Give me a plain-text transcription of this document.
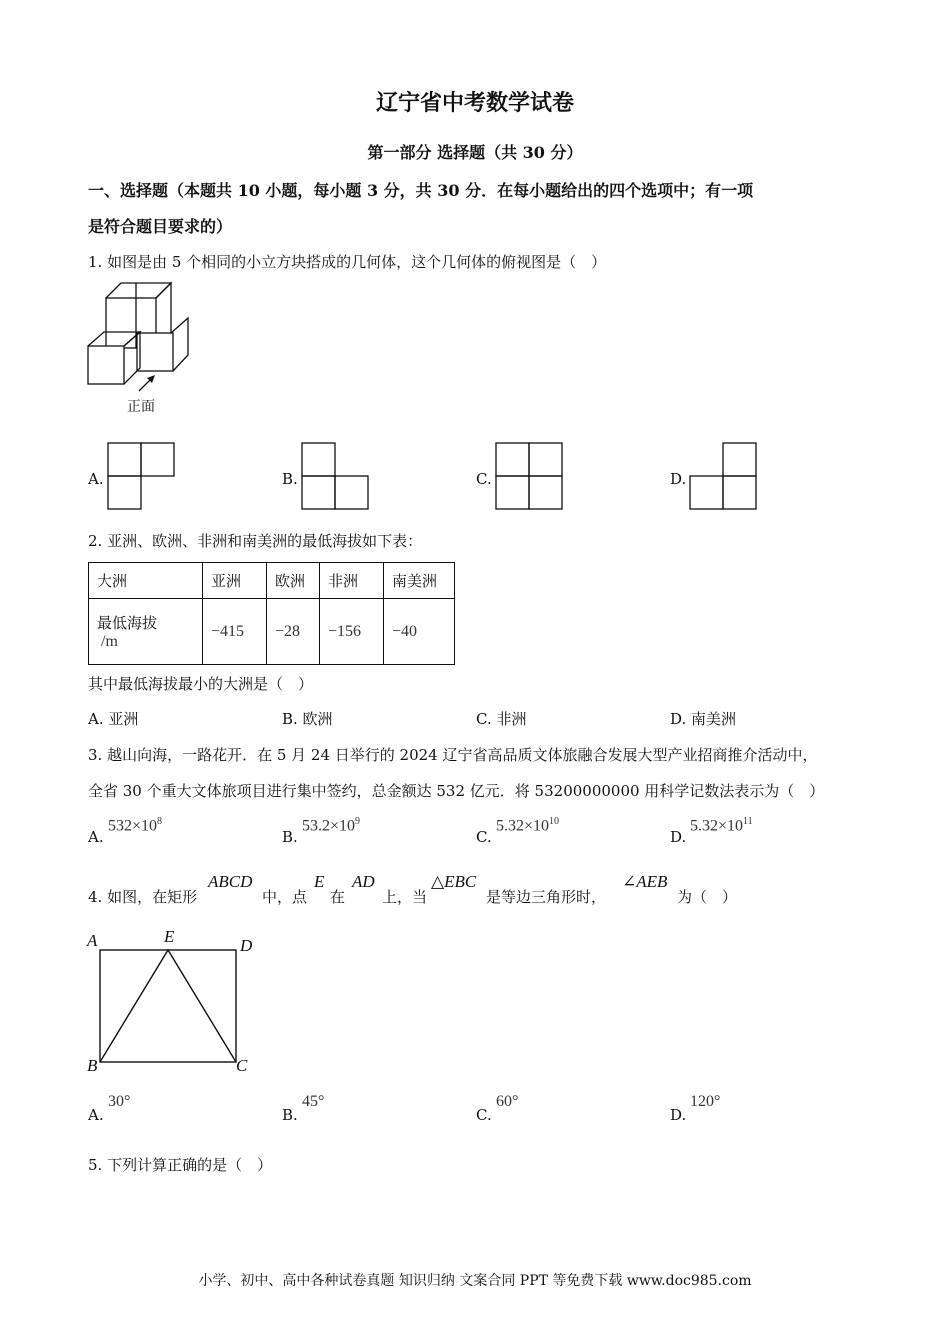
辽宁省中考数学试卷
第一部分 选择题（共 30 分）
一、选择题（本题共 10 小题，每小题 3 分，共 30 分．在每小题给出的四个选项中；有一项
是符合题目要求的）
1. 如图是由 5 个相同的小立方块搭成的几何体，这个几何体的俯视图是（　）
正面
A.	B.	C.	D.
2. 亚洲、欧洲、非洲和南美洲的最低海拔如下表：
大洲	亚洲	欧洲	非洲	南美洲

最低海拔
/m	−415	−28	−156	−40
其中最低海拔最小的大洲是（　）
A. 亚洲	B. 欧洲	C. 非洲	D. 南美洲
3. 越山向海，一路花开．在 5 月 24 日举行的 2024 辽宁省高品质文体旅融合发展大型产业招商推介活动中，
全省 30 个重大文体旅项目进行集中签约，总金额达 532 亿元．将 53200000000 用科学记数法表示为（　）
A.
$532\times 10^8$
B.
$53.2\times 10^9$
C.
$5.32\times 10^{10}$
D.
$5.32\times 10^{11}$
4. 如图，在矩形
ABCD
中，点
E
在
AD
上，当
△EBC
是等边三角形时，
∠AEB
为（　）
A	E	D
B	C
A.
30°
B.
45°
C.
60°
D.
120°
5. 下列计算正确的是（　）
小学、初中、高中各种试卷真题 知识归纳 文案合同 PPT 等免费下载 www.doc985.com
